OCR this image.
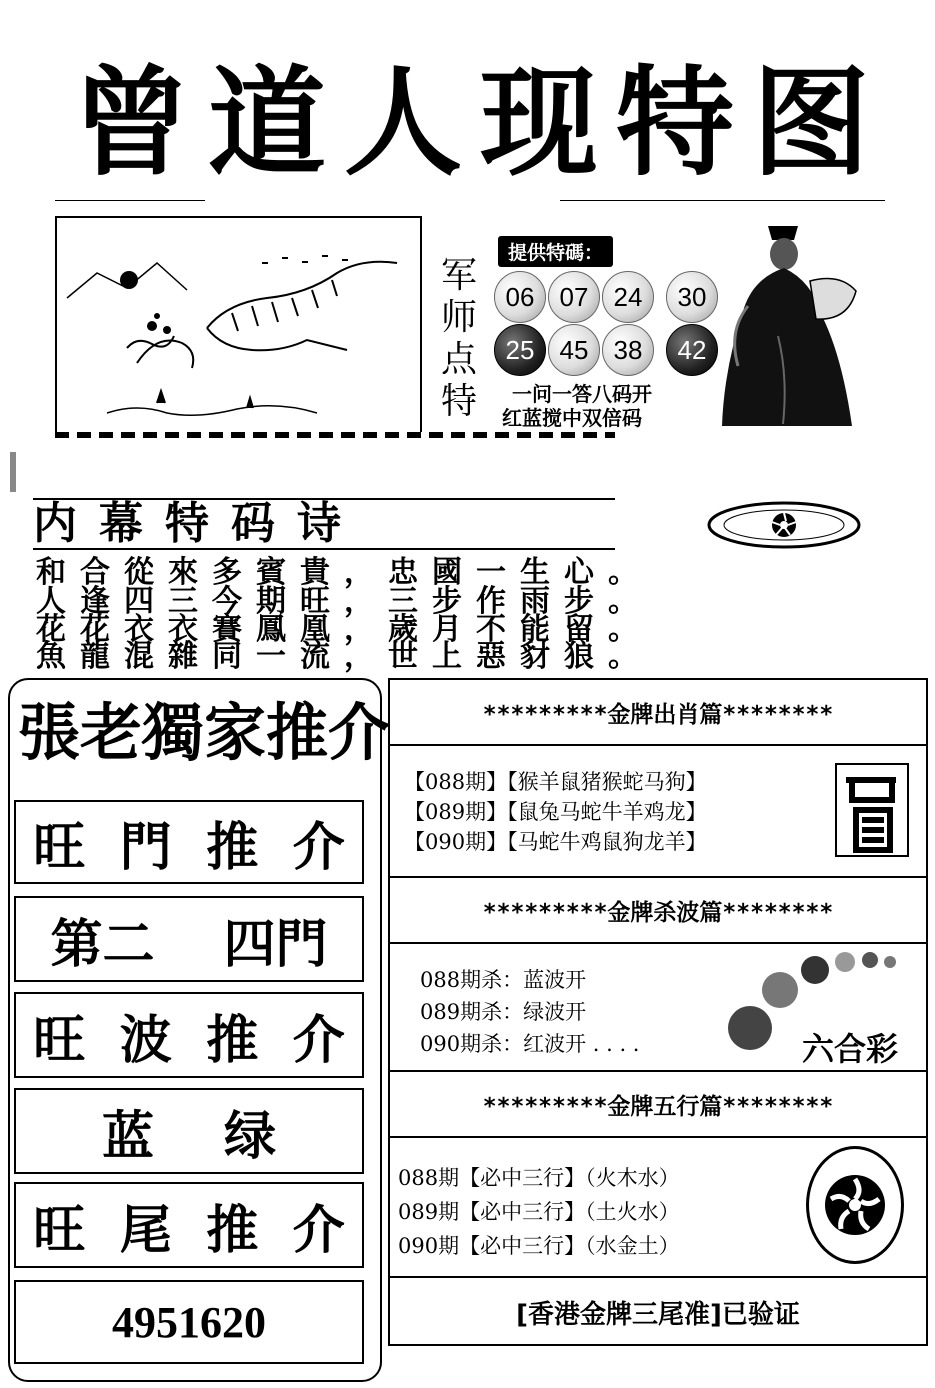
曾道人现特图
军
师
点
特
提供特碼：
06 07 24	30
25 45 38	42
一问一答八码开
红蓝搅中双倍码
内幕特码诗
和合從來多賓貴，忠國一生心。
人逢四三今期旺，三步作雨步。
花花衣衣賽鳳凰，歲月不能留。
魚龍混雜同一流，世上惡豺狼。
張老獨家推介
旺 門 推 介
第二 四門
旺 波 推 介
蓝 绿
旺 尾 推 介
4951620
*********金牌出肖篇********
【088期】【猴羊鼠猪猴蛇马狗】
【089期】【鼠兔马蛇牛羊鸡龙】
【090期】【马蛇牛鸡鼠狗龙羊】
*********金牌杀波篇********
088期杀：蓝波开
089期杀：绿波开
090期杀：红波开 . . . .	六合彩
*********金牌五行篇********
088期【必中三行】（火木水）
089期【必中三行】（土火水）
090期【必中三行】（水金土）
[香港金牌三尾准]已验证
